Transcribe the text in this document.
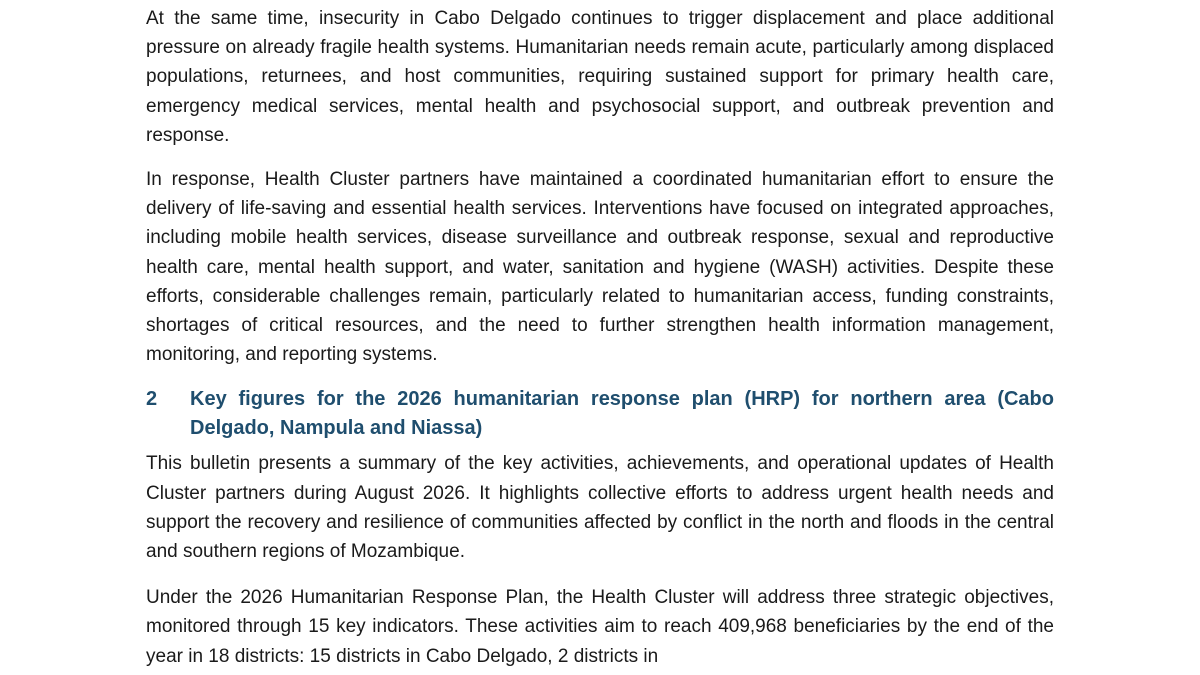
At the same time, insecurity in Cabo Delgado continues to trigger displacement and place additional pressure on already fragile health systems. Humanitarian needs remain acute, particularly among displaced populations, returnees, and host communities, requiring sustained support for primary health care, emergency medical services, mental health and psychosocial support, and outbreak prevention and response.

In response, Health Cluster partners have maintained a coordinated humanitarian effort to ensure the delivery of life-saving and essential health services. Interventions have focused on integrated approaches, including mobile health services, disease surveillance and outbreak response, sexual and reproductive health care, mental health support, and water, sanitation and hygiene (WASH) activities. Despite these efforts, considerable challenges remain, particularly related to humanitarian access, funding constraints, shortages of critical resources, and the need to further strengthen health information management, monitoring, and reporting systems.

2	Key figures for the 2026 humanitarian response plan (HRP) for northern area (Cabo Delgado, Nampula and Niassa)

This bulletin presents a summary of the key activities, achievements, and operational updates of Health Cluster partners during August 2026. It highlights collective efforts to address urgent health needs and support the recovery and resilience of communities affected by conflict in the north and floods in the central and southern regions of Mozambique.

Under the 2026 Humanitarian Response Plan, the Health Cluster will address three strategic objectives, monitored through 15 key indicators. These activities aim to reach 409,968 beneficiaries by the end of the year in 18 districts: 15 districts in Cabo Delgado, 2 districts in
